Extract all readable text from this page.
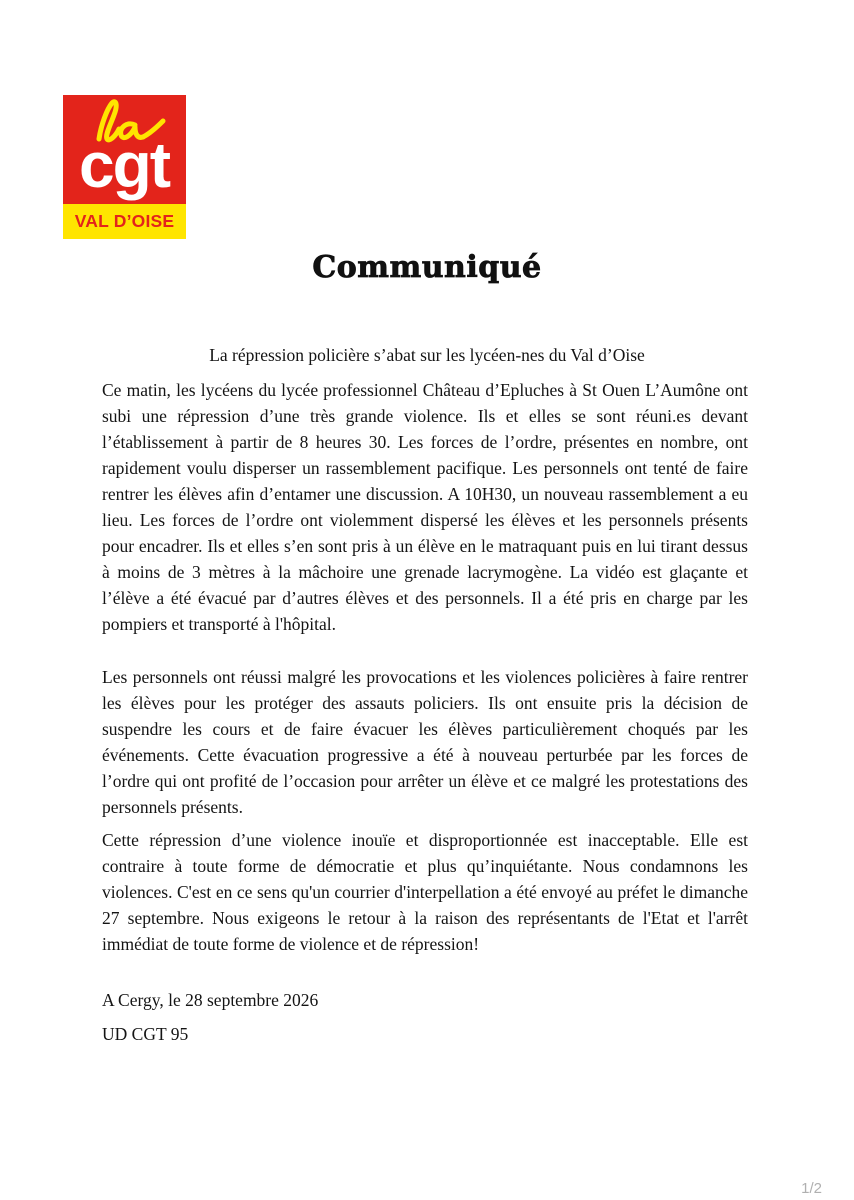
cgt
VAL D’OISE
Communiqué
La répression policière s’abat sur les lycéen-nes du Val d’Oise

Ce matin, les lycéens du lycée professionnel Château d’Epluches à St Ouen L’Aumône ont subi une répression d’une très grande violence. Ils et elles se sont réuni.es devant l’établissement à partir de 8 heures 30. Les forces de l’ordre, présentes en nombre, ont rapidement voulu disperser un rassemblement pacifique. Les personnels ont tenté de faire rentrer les élèves afin d’entamer une discussion. A 10H30, un nouveau rassemblement a eu lieu. Les forces de l’ordre ont violemment dispersé les élèves et les personnels présents pour encadrer. Ils et elles s’en sont pris à un élève en le matraquant puis en lui tirant dessus à moins de 3 mètres à la mâchoire une grenade lacrymogène. La vidéo est glaçante et l’élève a été évacué par d’autres élèves et des personnels. Il a été pris en charge par les pompiers et transporté à l'hôpital.

Les personnels ont réussi malgré les provocations et les violences policières à faire rentrer les élèves pour les protéger des assauts policiers. Ils ont ensuite pris la décision de suspendre les cours et de faire évacuer les élèves particulièrement choqués par les événements. Cette évacuation progressive a été à nouveau perturbée par les forces de l’ordre qui ont profité de l’occasion pour arrêter un élève et ce malgré les protestations des personnels présents.

Cette répression d’une violence inouïe et disproportionnée est inacceptable. Elle est contraire à toute forme de démocratie et plus qu’inquiétante. Nous condamnons les violences. C'est en ce sens qu'un courrier d'interpellation a été envoyé au préfet le dimanche 27 septembre. Nous exigeons le retour à la raison des représentants de l'Etat et l'arrêt immédiat de toute forme de violence et de répression!

A Cergy, le 28 septembre 2026

UD CGT 95

1/2
